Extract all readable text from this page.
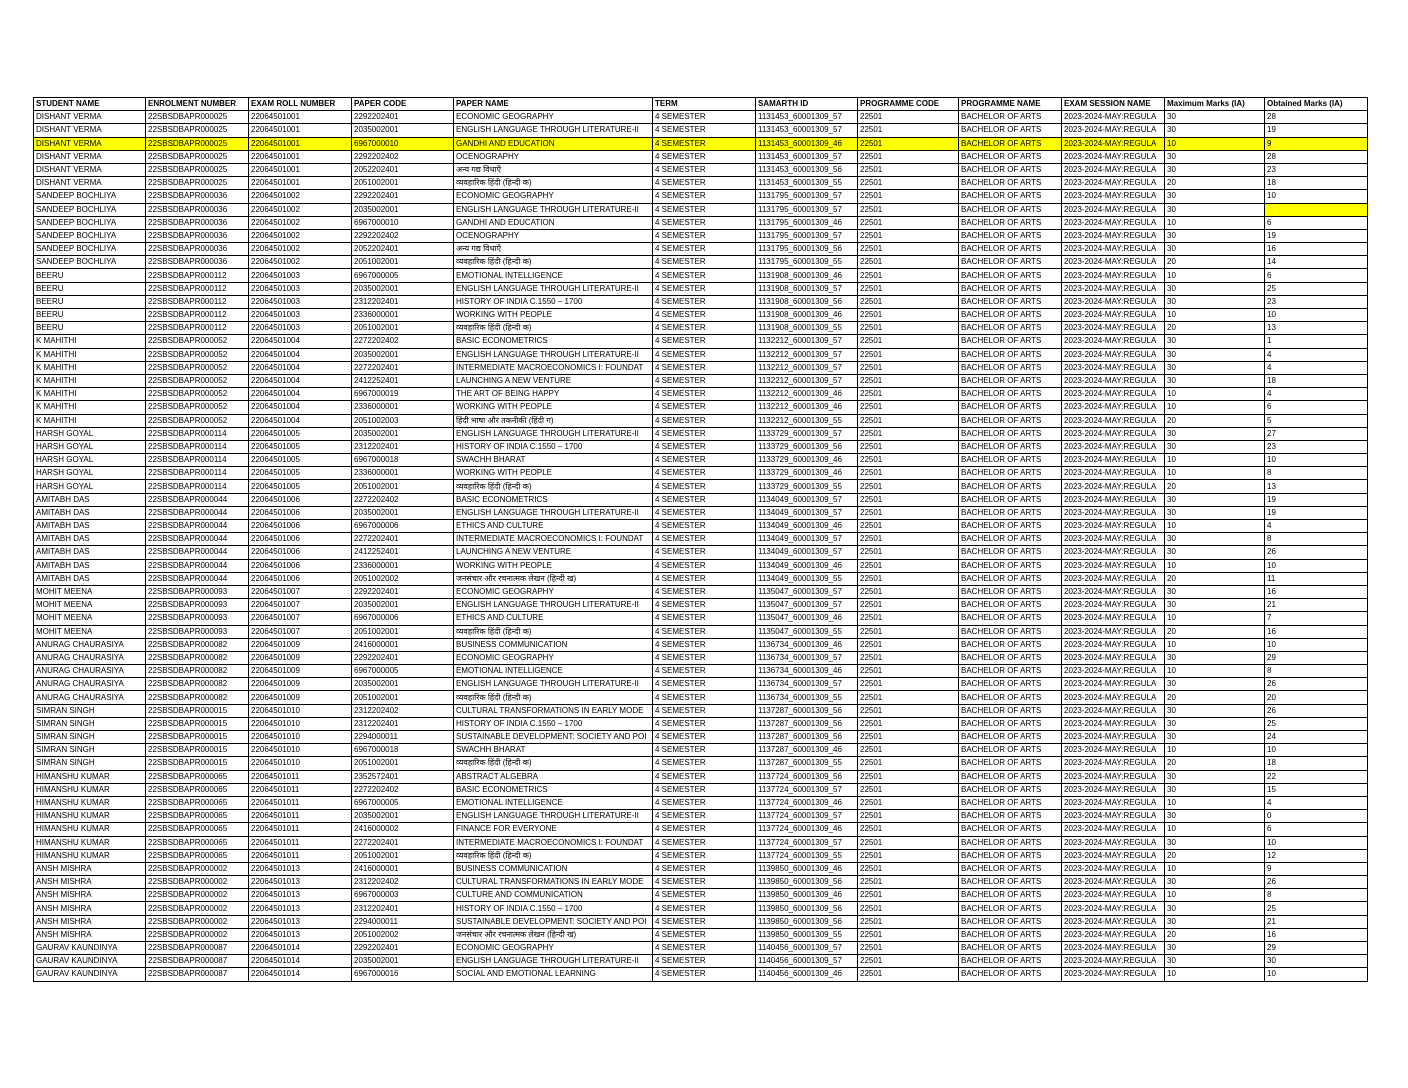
STUDENT NAME	ENROLMENT NUMBER	EXAM ROLL NUMBER	PAPER CODE	PAPER NAME	TERM	SAMARTH ID	PROGRAMME CODE	PROGRAMME NAME	EXAM SESSION NAME	Maximum Marks (IA)	Obtained Marks (IA)
DISHANT VERMA	22SBSDBAPR000025	22064501001	2292202401	ECONOMIC GEOGRAPHY	4 SEMESTER	1131453_60001309_57	22501	BACHELOR OF ARTS	2023-2024-MAY:REGULA	30	28
DISHANT VERMA	22SBSDBAPR000025	22064501001	2035002001	ENGLISH LANGUAGE THROUGH LITERATURE-II	4 SEMESTER	1131453_60001309_57	22501	BACHELOR OF ARTS	2023-2024-MAY:REGULA	30	19
DISHANT VERMA	22SBSDBAPR000025	22064501001	6967000010	GANDHI AND EDUCATION	4 SEMESTER	1131453_60001309_46	22501	BACHELOR OF ARTS	2023-2024-MAY:REGULA	10	9
DISHANT VERMA	22SBSDBAPR000025	22064501001	2292202402	OCENOGRAPHY	4 SEMESTER	1131453_60001309_57	22501	BACHELOR OF ARTS	2023-2024-MAY:REGULA	30	28
DISHANT VERMA	22SBSDBAPR000025	22064501001	2052202401	अन्य गद्य विधाएँ	4 SEMESTER	1131453_60001309_56	22501	BACHELOR OF ARTS	2023-2024-MAY:REGULA	30	23
DISHANT VERMA	22SBSDBAPR000025	22064501001	2051002001	व्यवहारिक हिंदी (हिन्दी क)	4 SEMESTER	1131453_60001309_55	22501	BACHELOR OF ARTS	2023-2024-MAY:REGULA	20	18
SANDEEP BOCHLIYA	22SBSDBAPR000036	22064501002	2292202401	ECONOMIC GEOGRAPHY	4 SEMESTER	1131795_60001309_57	22501	BACHELOR OF ARTS	2023-2024-MAY:REGULA	30	10
SANDEEP BOCHLIYA	22SBSDBAPR000036	22064501002	2035002001	ENGLISH LANGUAGE THROUGH LITERATURE-II	4 SEMESTER	1131795_60001309_57	22501	BACHELOR OF ARTS	2023-2024-MAY:REGULA	30	
SANDEEP BOCHLIYA	22SBSDBAPR000036	22064501002	6967000010	GANDHI AND EDUCATION	4 SEMESTER	1131795_60001309_46	22501	BACHELOR OF ARTS	2023-2024-MAY:REGULA	10	6
SANDEEP BOCHLIYA	22SBSDBAPR000036	22064501002	2292202402	OCENOGRAPHY	4 SEMESTER	1131795_60001309_57	22501	BACHELOR OF ARTS	2023-2024-MAY:REGULA	30	19
SANDEEP BOCHLIYA	22SBSDBAPR000036	22064501002	2052202401	अन्य गद्य विधाएँ	4 SEMESTER	1131795_60001309_56	22501	BACHELOR OF ARTS	2023-2024-MAY:REGULA	30	16
SANDEEP BOCHLIYA	22SBSDBAPR000036	22064501002	2051002001	व्यवहारिक हिंदी (हिन्दी क)	4 SEMESTER	1131795_60001309_55	22501	BACHELOR OF ARTS	2023-2024-MAY:REGULA	20	14
BEERU	22SBSDBAPR000112	22064501003	6967000005	EMOTIONAL INTELLIGENCE	4 SEMESTER	1131908_60001309_46	22501	BACHELOR OF ARTS	2023-2024-MAY:REGULA	10	6
BEERU	22SBSDBAPR000112	22064501003	2035002001	ENGLISH LANGUAGE THROUGH LITERATURE-II	4 SEMESTER	1131908_60001309_57	22501	BACHELOR OF ARTS	2023-2024-MAY:REGULA	30	25
BEERU	22SBSDBAPR000112	22064501003	2312202401	HISTORY OF INDIA C.1550 – 1700	4 SEMESTER	1131908_60001309_56	22501	BACHELOR OF ARTS	2023-2024-MAY:REGULA	30	23
BEERU	22SBSDBAPR000112	22064501003	2336000001	WORKING WITH PEOPLE	4 SEMESTER	1131908_60001309_46	22501	BACHELOR OF ARTS	2023-2024-MAY:REGULA	10	10
BEERU	22SBSDBAPR000112	22064501003	2051002001	व्यवहारिक हिंदी (हिन्दी क)	4 SEMESTER	1131908_60001309_55	22501	BACHELOR OF ARTS	2023-2024-MAY:REGULA	20	13
K MAHITHI	22SBSDBAPR000052	22064501004	2272202402	BASIC ECONOMETRICS	4 SEMESTER	1132212_60001309_57	22501	BACHELOR OF ARTS	2023-2024-MAY:REGULA	30	1
K MAHITHI	22SBSDBAPR000052	22064501004	2035002001	ENGLISH LANGUAGE THROUGH LITERATURE-II	4 SEMESTER	1132212_60001309_57	22501	BACHELOR OF ARTS	2023-2024-MAY:REGULA	30	4
K MAHITHI	22SBSDBAPR000052	22064501004	2272202401	INTERMEDIATE MACROECONOMICS I: FOUNDAT	4 SEMESTER	1132212_60001309_57	22501	BACHELOR OF ARTS	2023-2024-MAY:REGULA	30	4
K MAHITHI	22SBSDBAPR000052	22064501004	2412252401	LAUNCHING A NEW VENTURE	4 SEMESTER	1132212_60001309_57	22501	BACHELOR OF ARTS	2023-2024-MAY:REGULA	30	18
K MAHITHI	22SBSDBAPR000052	22064501004	6967000019	THE ART OF BEING HAPPY	4 SEMESTER	1132212_60001309_46	22501	BACHELOR OF ARTS	2023-2024-MAY:REGULA	10	4
K MAHITHI	22SBSDBAPR000052	22064501004	2336000001	WORKING WITH PEOPLE	4 SEMESTER	1132212_60001309_46	22501	BACHELOR OF ARTS	2023-2024-MAY:REGULA	10	6
K MAHITHI	22SBSDBAPR000052	22064501004	2051002003	हिंदी भाषा और तकनीकी (हिंदी ग)	4 SEMESTER	1132212_60001309_55	22501	BACHELOR OF ARTS	2023-2024-MAY:REGULA	20	5
HARSH GOYAL	22SBSDBAPR000114	22064501005	2035002001	ENGLISH LANGUAGE THROUGH LITERATURE-II	4 SEMESTER	1133729_60001309_57	22501	BACHELOR OF ARTS	2023-2024-MAY:REGULA	30	27
HARSH GOYAL	22SBSDBAPR000114	22064501005	2312202401	HISTORY OF INDIA C.1550 – 1700	4 SEMESTER	1133729_60001309_56	22501	BACHELOR OF ARTS	2023-2024-MAY:REGULA	30	23
HARSH GOYAL	22SBSDBAPR000114	22064501005	6967000018	SWACHH BHARAT	4 SEMESTER	1133729_60001309_46	22501	BACHELOR OF ARTS	2023-2024-MAY:REGULA	10	10
HARSH GOYAL	22SBSDBAPR000114	22064501005	2336000001	WORKING WITH PEOPLE	4 SEMESTER	1133729_60001309_46	22501	BACHELOR OF ARTS	2023-2024-MAY:REGULA	10	8
HARSH GOYAL	22SBSDBAPR000114	22064501005	2051002001	व्यवहारिक हिंदी (हिन्दी क)	4 SEMESTER	1133729_60001309_55	22501	BACHELOR OF ARTS	2023-2024-MAY:REGULA	20	13
AMITABH DAS	22SBSDBAPR000044	22064501006	2272202402	BASIC ECONOMETRICS	4 SEMESTER	1134049_60001309_57	22501	BACHELOR OF ARTS	2023-2024-MAY:REGULA	30	19
AMITABH DAS	22SBSDBAPR000044	22064501006	2035002001	ENGLISH LANGUAGE THROUGH LITERATURE-II	4 SEMESTER	1134049_60001309_57	22501	BACHELOR OF ARTS	2023-2024-MAY:REGULA	30	19
AMITABH DAS	22SBSDBAPR000044	22064501006	6967000006	ETHICS AND CULTURE	4 SEMESTER	1134049_60001309_46	22501	BACHELOR OF ARTS	2023-2024-MAY:REGULA	10	4
AMITABH DAS	22SBSDBAPR000044	22064501006	2272202401	INTERMEDIATE MACROECONOMICS I: FOUNDAT	4 SEMESTER	1134049_60001309_57	22501	BACHELOR OF ARTS	2023-2024-MAY:REGULA	30	8
AMITABH DAS	22SBSDBAPR000044	22064501006	2412252401	LAUNCHING A NEW VENTURE	4 SEMESTER	1134049_60001309_57	22501	BACHELOR OF ARTS	2023-2024-MAY:REGULA	30	26
AMITABH DAS	22SBSDBAPR000044	22064501006	2336000001	WORKING WITH PEOPLE	4 SEMESTER	1134049_60001309_46	22501	BACHELOR OF ARTS	2023-2024-MAY:REGULA	10	10
AMITABH DAS	22SBSDBAPR000044	22064501006	2051002002	जनसंचार और रचनात्मक लेखन (हिन्दी ख)	4 SEMESTER	1134049_60001309_55	22501	BACHELOR OF ARTS	2023-2024-MAY:REGULA	20	11
MOHIT MEENA	22SBSDBAPR000093	22064501007	2292202401	ECONOMIC GEOGRAPHY	4 SEMESTER	1135047_60001309_57	22501	BACHELOR OF ARTS	2023-2024-MAY:REGULA	30	16
MOHIT MEENA	22SBSDBAPR000093	22064501007	2035002001	ENGLISH LANGUAGE THROUGH LITERATURE-II	4 SEMESTER	1135047_60001309_57	22501	BACHELOR OF ARTS	2023-2024-MAY:REGULA	30	21
MOHIT MEENA	22SBSDBAPR000093	22064501007	6967000006	ETHICS AND CULTURE	4 SEMESTER	1135047_60001309_46	22501	BACHELOR OF ARTS	2023-2024-MAY:REGULA	10	7
MOHIT MEENA	22SBSDBAPR000093	22064501007	2051002001	व्यवहारिक हिंदी (हिन्दी क)	4 SEMESTER	1135047_60001309_55	22501	BACHELOR OF ARTS	2023-2024-MAY:REGULA	20	16
ANURAG CHAURASIYA	22SBSDBAPR000082	22064501009	2416000001	BUSINESS COMMUNICATION	4 SEMESTER	1136734_60001309_46	22501	BACHELOR OF ARTS	2023-2024-MAY:REGULA	10	10
ANURAG CHAURASIYA	22SBSDBAPR000082	22064501009	2292202401	ECONOMIC GEOGRAPHY	4 SEMESTER	1136734_60001309_57	22501	BACHELOR OF ARTS	2023-2024-MAY:REGULA	30	29
ANURAG CHAURASIYA	22SBSDBAPR000082	22064501009	6967000005	EMOTIONAL INTELLIGENCE	4 SEMESTER	1136734_60001309_46	22501	BACHELOR OF ARTS	2023-2024-MAY:REGULA	10	8
ANURAG CHAURASIYA	22SBSDBAPR000082	22064501009	2035002001	ENGLISH LANGUAGE THROUGH LITERATURE-II	4 SEMESTER	1136734_60001309_57	22501	BACHELOR OF ARTS	2023-2024-MAY:REGULA	30	26
ANURAG CHAURASIYA	22SBSDBAPR000082	22064501009	2051002001	व्यवहारिक हिंदी (हिन्दी क)	4 SEMESTER	1136734_60001309_55	22501	BACHELOR OF ARTS	2023-2024-MAY:REGULA	20	20
SIMRAN SINGH	22SBSDBAPR000015	22064501010	2312202402	CULTURAL TRANSFORMATIONS IN EARLY MODE	4 SEMESTER	1137287_60001309_56	22501	BACHELOR OF ARTS	2023-2024-MAY:REGULA	30	26
SIMRAN SINGH	22SBSDBAPR000015	22064501010	2312202401	HISTORY OF INDIA C.1550 – 1700	4 SEMESTER	1137287_60001309_56	22501	BACHELOR OF ARTS	2023-2024-MAY:REGULA	30	25
SIMRAN SINGH	22SBSDBAPR000015	22064501010	2294000011	SUSTAINABLE DEVELOPMENT: SOCIETY AND POI	4 SEMESTER	1137287_60001309_56	22501	BACHELOR OF ARTS	2023-2024-MAY:REGULA	30	24
SIMRAN SINGH	22SBSDBAPR000015	22064501010	6967000018	SWACHH BHARAT	4 SEMESTER	1137287_60001309_46	22501	BACHELOR OF ARTS	2023-2024-MAY:REGULA	10	10
SIMRAN SINGH	22SBSDBAPR000015	22064501010	2051002001	व्यवहारिक हिंदी (हिन्दी क)	4 SEMESTER	1137287_60001309_55	22501	BACHELOR OF ARTS	2023-2024-MAY:REGULA	20	18
HIMANSHU KUMAR	22SBSDBAPR000065	22064501011	2352572401	ABSTRACT ALGEBRA	4 SEMESTER	1137724_60001309_56	22501	BACHELOR OF ARTS	2023-2024-MAY:REGULA	30	22
HIMANSHU KUMAR	22SBSDBAPR000065	22064501011	2272202402	BASIC ECONOMETRICS	4 SEMESTER	1137724_60001309_57	22501	BACHELOR OF ARTS	2023-2024-MAY:REGULA	30	15
HIMANSHU KUMAR	22SBSDBAPR000065	22064501011	6967000005	EMOTIONAL INTELLIGENCE	4 SEMESTER	1137724_60001309_46	22501	BACHELOR OF ARTS	2023-2024-MAY:REGULA	10	4
HIMANSHU KUMAR	22SBSDBAPR000065	22064501011	2035002001	ENGLISH LANGUAGE THROUGH LITERATURE-II	4 SEMESTER	1137724_60001309_57	22501	BACHELOR OF ARTS	2023-2024-MAY:REGULA	30	0
HIMANSHU KUMAR	22SBSDBAPR000065	22064501011	2416000002	FINANCE FOR EVERYONE	4 SEMESTER	1137724_60001309_46	22501	BACHELOR OF ARTS	2023-2024-MAY:REGULA	10	6
HIMANSHU KUMAR	22SBSDBAPR000065	22064501011	2272202401	INTERMEDIATE MACROECONOMICS I: FOUNDAT	4 SEMESTER	1137724_60001309_57	22501	BACHELOR OF ARTS	2023-2024-MAY:REGULA	30	10
HIMANSHU KUMAR	22SBSDBAPR000065	22064501011	2051002001	व्यवहारिक हिंदी (हिन्दी क)	4 SEMESTER	1137724_60001309_55	22501	BACHELOR OF ARTS	2023-2024-MAY:REGULA	20	12
ANSH MISHRA	22SBSDBAPR000002	22064501013	2416000001	BUSINESS COMMUNICATION	4 SEMESTER	1139850_60001309_46	22501	BACHELOR OF ARTS	2023-2024-MAY:REGULA	10	9
ANSH MISHRA	22SBSDBAPR000002	22064501013	2312202402	CULTURAL TRANSFORMATIONS IN EARLY MODE	4 SEMESTER	1139850_60001309_56	22501	BACHELOR OF ARTS	2023-2024-MAY:REGULA	30	26
ANSH MISHRA	22SBSDBAPR000002	22064501013	6967000003	CULTURE AND COMMUNICATION	4 SEMESTER	1139850_60001309_46	22501	BACHELOR OF ARTS	2023-2024-MAY:REGULA	10	8
ANSH MISHRA	22SBSDBAPR000002	22064501013	2312202401	HISTORY OF INDIA C.1550 – 1700	4 SEMESTER	1139850_60001309_56	22501	BACHELOR OF ARTS	2023-2024-MAY:REGULA	30	25
ANSH MISHRA	22SBSDBAPR000002	22064501013	2294000011	SUSTAINABLE DEVELOPMENT: SOCIETY AND POI	4 SEMESTER	1139850_60001309_56	22501	BACHELOR OF ARTS	2023-2024-MAY:REGULA	30	21
ANSH MISHRA	22SBSDBAPR000002	22064501013	2051002002	जनसंचार और रचनात्मक लेखन (हिन्दी ख)	4 SEMESTER	1139850_60001309_55	22501	BACHELOR OF ARTS	2023-2024-MAY:REGULA	20	16
GAURAV KAUNDINYA	22SBSDBAPR000087	22064501014	2292202401	ECONOMIC GEOGRAPHY	4 SEMESTER	1140456_60001309_57	22501	BACHELOR OF ARTS	2023-2024-MAY:REGULA	30	29
GAURAV KAUNDINYA	22SBSDBAPR000087	22064501014	2035002001	ENGLISH LANGUAGE THROUGH LITERATURE-II	4 SEMESTER	1140456_60001309_57	22501	BACHELOR OF ARTS	2023-2024-MAY:REGULA	30	30
GAURAV KAUNDINYA	22SBSDBAPR000087	22064501014	6967000016	SOCIAL AND EMOTIONAL LEARNING	4 SEMESTER	1140456_60001309_46	22501	BACHELOR OF ARTS	2023-2024-MAY:REGULA	10	10
